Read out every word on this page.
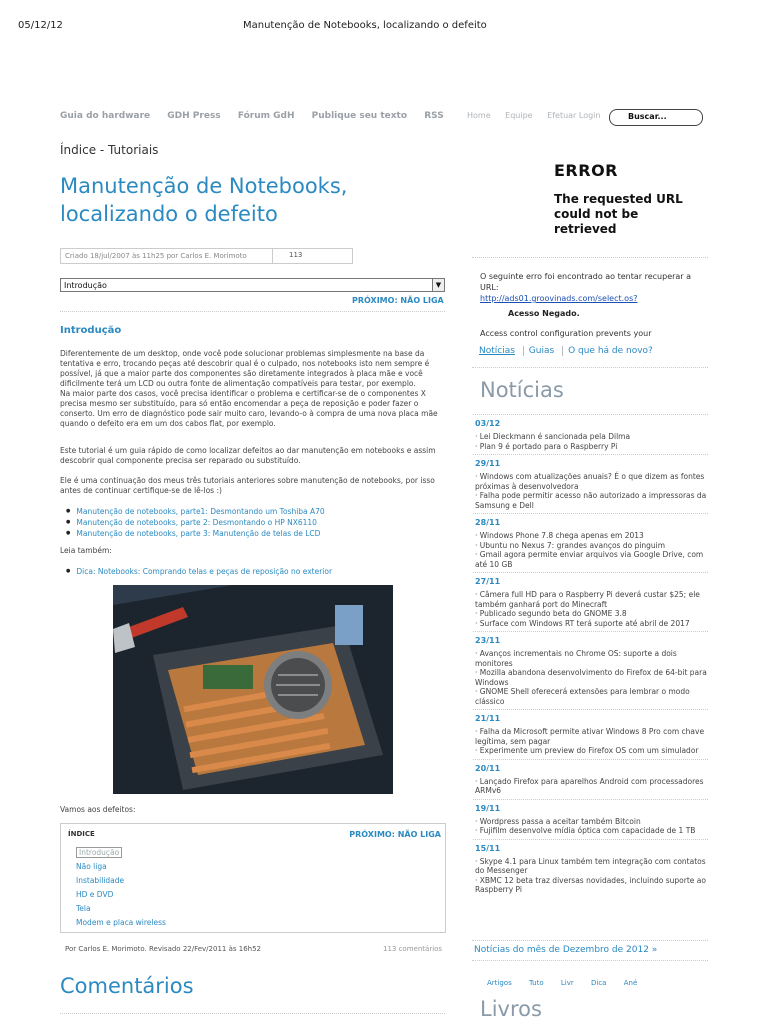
05/12/12	Manutenção de Notebooks, localizando o defeito
Guia do hardware GDH Press Fórum GdH Publique seu texto RSS	Home Equipe Efetuar Login	Buscar...
Índice - Tutoriais
Manutenção de Notebooks, localizando o defeito
Criado 18/jul/2007 às 11h25 por Carlos E. Morimoto	113
Introdução	▼
PRÓXIMO: NÃO LIGA
Introdução
Diferentemente de um desktop, onde você pode solucionar problemas simplesmente na base da tentativa e erro, trocando peças até descobrir qual é o culpado, nos notebooks isto nem sempre é possível, já que a maior parte dos componentes são diretamente integrados à placa mãe e você dificilmente terá um LCD ou outra fonte de alimentação compatíveis para testar, por exemplo.
Na maior parte dos casos, você precisa identificar o problema e certificar-se de o componentes X precisa mesmo ser substituído, para só então encomendar a peça de reposição e poder fazer o conserto. Um erro de diagnóstico pode sair muito caro, levando-o à compra de uma nova placa mãe quando o defeito era em um dos cabos flat, por exemplo.
Este tutorial é um guia rápido de como localizar defeitos ao dar manutenção em notebooks e assim descobrir qual componente precisa ser reparado ou substituído.
Ele é uma continuação dos meus três tutoriais anteriores sobre manutenção de notebooks, por isso antes de continuar certifique-se de lê-los :)
● Manutenção de notebooks, parte1: Desmontando um Toshiba A70
● Manutenção de notebooks, parte 2: Desmontando o HP NX6110
● Manutenção de notebooks, parte 3: Manutenção de telas de LCD
Leia também:
● Dica: Notebooks: Comprando telas e peças de reposição no exterior
Vamos aos defeitos:
ÍNDICE	PRÓXIMO: NÃO LIGA
Introdução
Não liga
Instabilidade
HD e DVD
Tela
Modem e placa wireless
Por Carlos E. Morimoto. Revisado 22/Fev/2011 às 16h52	113 comentários
Comentários
ERROR
The requested URL could not be retrieved
O seguinte erro foi encontrado ao tentar recuperar a URL:
http://ads01.groovinads.com/select.os?
Acesso Negado.
Access control configuration prevents your
Notícias Guias O que há de novo?
Notícias
03/12
· Lei Dieckmann é sancionada pela Dilma
· Plan 9 é portado para o Raspberry Pi
29/11
· Windows com atualizações anuais? É o que dizem as fontes próximas à desenvolvedora
· Falha pode permitir acesso não autorizado a impressoras da Samsung e Dell
28/11
· Windows Phone 7.8 chega apenas em 2013
· Ubuntu no Nexus 7: grandes avanços do pinguim
· Gmail agora permite enviar arquivos via Google Drive, com até 10 GB
27/11
· Câmera full HD para o Raspberry Pi deverá custar $25; ele também ganhará port do Minecraft
· Publicado segundo beta do GNOME 3.8
· Surface com Windows RT terá suporte até abril de 2017
23/11
· Avanços incrementais no Chrome OS: suporte a dois monitores
· Mozilla abandona desenvolvimento do Firefox de 64-bit para Windows
· GNOME Shell oferecerá extensões para lembrar o modo clássico
21/11
· Falha da Microsoft permite ativar Windows 8 Pro com chave legítima, sem pagar
· Experimente um preview do Firefox OS com um simulador
20/11
· Lançado Firefox para aparelhos Android com processadores ARMv6
19/11
· Wordpress passa a aceitar também Bitcoin
· Fujifilm desenvolve mídia óptica com capacidade de 1 TB
15/11
· Skype 4.1 para Linux também tem integração com contatos do Messenger
· XBMC 12 beta traz diversas novidades, incluindo suporte ao Raspberry Pi
Notícias do mês de Dezembro de 2012 »
Artigos Tuto Livr Dica Ané
Livros
